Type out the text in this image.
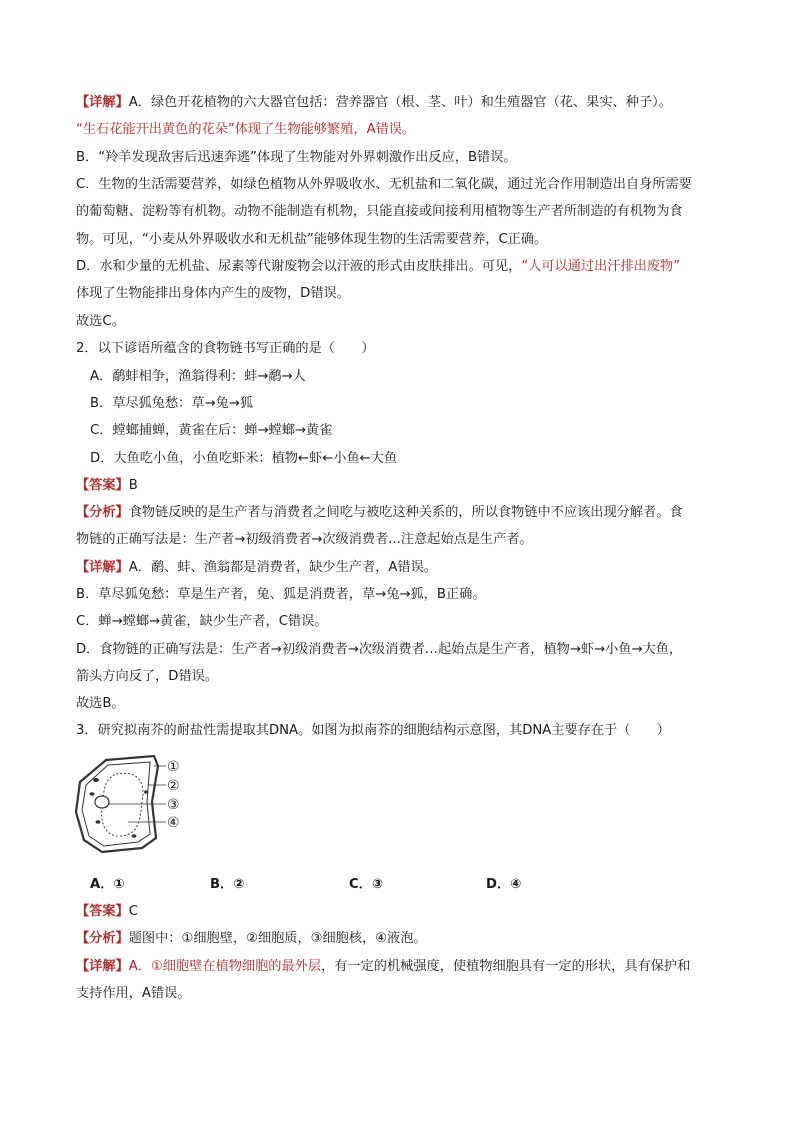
【详解】A．绿色开花植物的六大器官包括：营养器官（根、茎、叶）和生殖器官（花、果实、种子）。
“生石花能开出黄色的花朵”体现了生物能够繁殖，A错误。
B．“羚羊发现敌害后迅速奔逃”体现了生物能对外界刺激作出反应，B错误。
C．生物的生活需要营养，如绿色植物从外界吸收水、无机盐和二氧化碳，通过光合作用制造出自身所需要
的葡萄糖、淀粉等有机物。动物不能制造有机物，只能直接或间接利用植物等生产者所制造的有机物为食
物。可见，“小麦从外界吸收水和无机盐”能够体现生物的生活需要营养，C正确。
D．水和少量的无机盐、尿素等代谢废物会以汗液的形式由皮肤排出。可见，“人可以通过出汗排出废物”
体现了生物能排出身体内产生的废物，D错误。
故选C。
2．以下谚语所蕴含的食物链书写正确的是（　　）
A．鹬蚌相争，渔翁得利：蚌→鹬→人
B．草尽狐兔愁：草→兔→狐
C．螳螂捕蝉，黄雀在后：蝉→螳螂→黄雀
D．大鱼吃小鱼，小鱼吃虾米：植物←虾←小鱼←大鱼
【答案】B
【分析】食物链反映的是生产者与消费者之间吃与被吃这种关系的，所以食物链中不应该出现分解者。食
物链的正确写法是：生产者→初级消费者→次级消费者...注意起始点是生产者。
【详解】A．鹬、蚌、渔翁都是消费者，缺少生产者，A错误。
B．草尽狐兔愁：草是生产者，兔、狐是消费者，草→兔→狐，B正确。
C．蝉→螳螂→黄雀，缺少生产者，C错误。
D．食物链的正确写法是：生产者→初级消费者→次级消费者…起始点是生产者，植物→虾→小鱼→大鱼，
箭头方向反了，D错误。
故选B。
3．研究拟南芥的耐盐性需提取其DNA。如图为拟南芥的细胞结构示意图，其DNA主要存在于（　　）
①
②
③
④
A．①	B．②	C．③	D．④
【答案】C
【分析】题图中：①细胞壁，②细胞质，③细胞核，④液泡。
【详解】A．①细胞壁在植物细胞的最外层，有一定的机械强度，使植物细胞具有一定的形状，具有保护和
支持作用，A错误。
